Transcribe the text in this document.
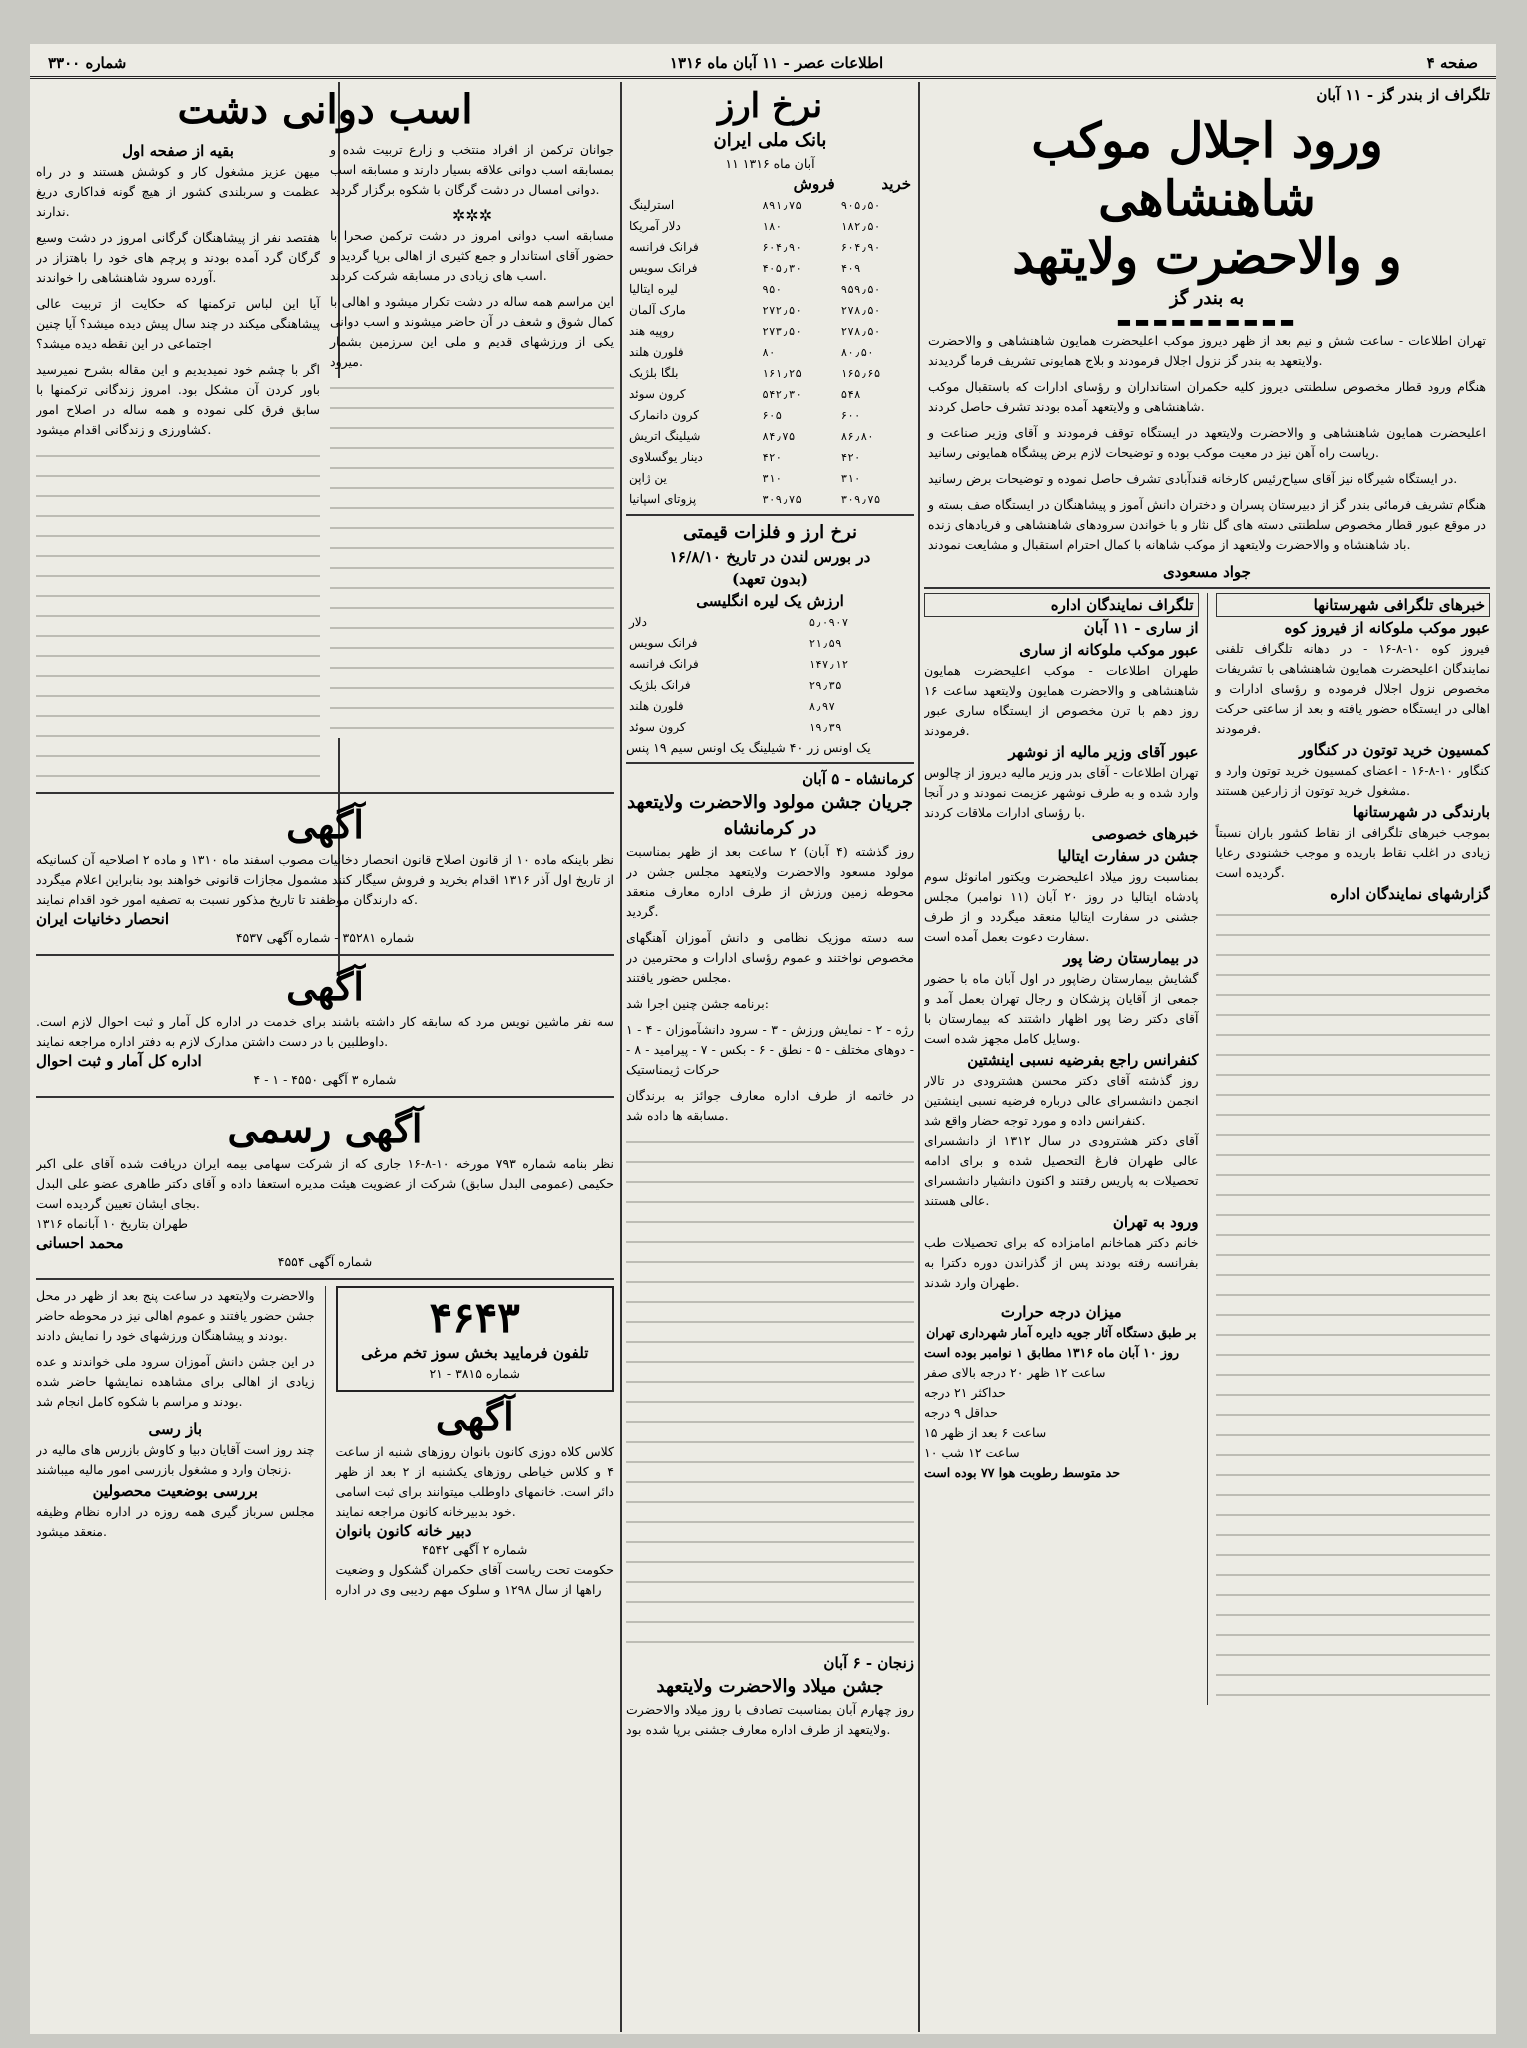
صفحه ۴
اطلاعات عصر - ۱۱ آبان ماه ۱۳۱۶
شماره ۳۳۰۰
تلگراف از بندر گز - ۱۱ آبان
ورود اجلال موکب شاهنشاهی
و والاحضرت ولایتهد
به بندر گز
▬▬▬▬▬▬▬▬▬▬

تهران اطلاعات - ساعت شش و نیم بعد از ظهر دیروز موکب اعلیحضرت همایون شاهنشاهی و والاحضرت ولایتعهد به بندر گز نزول اجلال فرمودند و بلاج همایونی تشریف فرما گردیدند.

هنگام ورود قطار مخصوص سلطنتی دیروز کلیه حکمران استانداران و رؤسای ادارات که باستقبال موکب شاهنشاهی و ولایتعهد آمده بودند تشرف حاصل کردند.

اعلیحضرت همایون شاهنشاهی و والاحضرت ولایتعهد در ایستگاه توقف فرمودند و آقای وزیر صناعت و ریاست راه آهن نیز در معیت موکب بوده و توضیحات لازم برض پیشگاه همایونی رسانید.

در ایستگاه شیرگاه نیز آقای سیاح‌رئیس کارخانه قندآبادی تشرف حاصل نموده و توضیحات برض رسانید.

هنگام تشریف فرمائی بندر گز از دبیرستان پسران و دختران دانش آموز و پیشاهنگان در ایستگاه صف بسته و در موقع عبور قطار مخصوص سلطنتی دسته های گل نثار و با خواندن سرودهای شاهنشاهی و فریادهای زنده باد شاهنشاه و والاحضرت ولایتعهد از موکب شاهانه با کمال احترام استقبال و مشایعت نمودند.

جواد مسعودی
تلگراف نمایندگان اداره
از ساری - ۱۱ آبان
عبور موکب ملوکانه از ساری
طهران اطلاعات - موکب اعلیحضرت همایون شاهنشاهی و والاحضرت همایون ولایتعهد ساعت ۱۶ روز دهم با ترن مخصوص از ایستگاه ساری عبور فرمودند.
عبور آقای وزیر مالیه از نوشهر
تهران اطلاعات - آقای بدر وزیر مالیه دیروز از چالوس وارد شده و به طرف نوشهر عزیمت نمودند و در آنجا با رؤسای ادارات ملاقات کردند.
خبرهای خصوصی
جشن در سفارت ایتالیا
بمناسبت روز میلاد اعلیحضرت ویکتور امانوئل سوم پادشاه ایتالیا در روز ۲۰ آبان (۱۱ نوامبر) مجلس جشنی در سفارت ایتالیا منعقد میگردد و از طرف سفارت دعوت بعمل آمده است.
در بیمارستان رضا پور
گشایش بیمارستان رضاپور در اول آبان ماه با حضور جمعی از آقایان پزشکان و رجال تهران بعمل آمد و آقای دکتر رضا پور اظهار داشتند که بیمارستان با وسایل کامل مجهز شده است.
کنفرانس راجع بفرضیه نسبی اینشتین
روز گذشته آقای دکتر محسن هشترودی در تالار انجمن دانشسرای عالی درباره فرضیه نسبی اینشتین کنفرانس داده و مورد توجه حضار واقع شد.
آقای دکتر هشترودی در سال ۱۳۱۲ از دانشسرای عالی طهران فارغ التحصیل شده و برای ادامه تحصیلات به پاریس رفتند و اکنون دانشیار دانشسرای عالی هستند.
ورود به تهران
خانم دکتر هماخانم امامزاده که برای تحصیلات طب بفرانسه رفته بودند پس از گذراندن دوره دکترا به طهران وارد شدند.
میزان درجه حرارت
بر طبق دستگاه آثار جویه دایره آمار شهرداری تهران
روز ۱۰ آبان ماه ۱۳۱۶ مطابق ۱ نوامبر بوده است
ساعت ۱۲ ظهر ۲۰ درجه بالای صفر
حداکثر ۲۱ درجه
حداقل ۹ درجه
ساعت ۶ بعد از ظهر ۱۵
ساعت ۱۲ شب ۱۰
حد متوسط رطوبت هوا ۷۷ بوده است
خبرهای تلگرافی شهرستانها
عبور موکب ملوکانه از فیروز کوه
فیروز کوه ۱۰-۸-۱۶ - در دهانه تلگراف تلفنی نمایندگان اعلیحضرت همایون شاهنشاهی با تشریفات مخصوص نزول اجلال فرموده و رؤسای ادارات و اهالی در ایستگاه حضور یافته و بعد از ساعتی حرکت فرمودند.
کمسیون خرید توتون در کنگاور
کنگاور ۱۰-۸-۱۶ - اعضای کمسیون خرید توتون وارد و مشغول خرید توتون از زارعین هستند.
بارندگی در شهرستانها
بموجب خبرهای تلگرافی از نقاط کشور باران نسبتاً زیادی در اغلب نقاط باریده و موجب خشنودی رعایا گردیده است.
گزارشهای نمایندگان اداره
نرخ ارز
بانک ملی ایران
۱۱ آبان ماه ۱۳۱۶
	فروش	خرید
استرلینگ	۸۹۱٫۷۵	۹۰۵٫۵۰
دلار آمریکا	۱۸۰	۱۸۲٫۵۰
فرانک فرانسه	۶۰۴٫۹۰	۶۰۴٫۹۰
فرانک سویس	۴۰۵٫۳۰	۴۰۹
لیره ایتالیا	۹۵۰	۹۵۹٫۵۰
مارک آلمان	۲۷۲٫۵۰	۲۷۸٫۵۰
روپیه هند	۲۷۳٫۵۰	۲۷۸٫۵۰
فلورن هلند	۸۰	۸۰٫۵۰
بلگا بلژیک	۱۶۱٫۲۵	۱۶۵٫۶۵
کرون سوئد	۵۴۲٫۳۰	۵۴۸
کرون دانمارک	۶۰۵	۶۰۰
شیلینگ اتریش	۸۴٫۷۵	۸۶٫۸۰
دینار یوگسلاوی	۴۲۰	۴۲۰
ین ژاپن	۳۱۰	۳۱۰
پزوتای اسپانیا	۳۰۹٫۷۵	۳۰۹٫۷۵
نرخ ارز و فلزات قیمتی
در بورس لندن در تاریخ ۱۶/۸/۱۰
(بدون تعهد)
ارزش یک لیره انگلیسی
دلار	۵٫۰۹۰۷
فرانک سویس	۲۱٫۵۹
فرانک فرانسه	۱۴۷٫۱۲
فرانک بلژیک	۲۹٫۳۵
فلورن هلند	۸٫۹۷
کرون سوئد	۱۹٫۳۹
یک اونس زر ۴۰ شیلینگ یک اونس سیم ۱۹ پنس
کرمانشاه - ۵ آبان
جریان جشن مولود والاحضرت ولایتعهد در کرمانشاه

روز گذشته (۴ آبان) ۲ ساعت بعد از ظهر بمناسبت مولود مسعود والاحضرت ولایتعهد مجلس جشن در محوطه زمین ورزش از طرف اداره معارف منعقد گردید.

سه دسته موزیک نظامی و دانش آموزان آهنگهای مخصوص نواختند و عموم رؤسای ادارات و محترمین در مجلس حضور یافتند.

برنامه جشن چنین اجرا شد:

۱ - رژه - ۲ - نمایش ورزش - ۳ - سرود دانشآموزان - ۴ - دوهای مختلف - ۵ - نطق - ۶ - بکس - ۷ - پیرامید - ۸ - حرکات ژیمناستیک

در خاتمه از طرف اداره معارف جوائز به برندگان مسابقه ها داده شد.

زنجان - ۶ آبان
جشن میلاد والاحضرت ولایتعهد
روز چهارم آبان بمناسبت تصادف با روز میلاد والاحضرت ولایتعهد از طرف اداره معارف جشنی برپا شده بود.
اسب دوانی دشت
بقیه از صفحه اول

میهن عزیز مشغول کار و کوشش هستند و در راه عظمت و سربلندی کشور از هیچ گونه فداکاری دریغ ندارند.

هفتصد نفر از پیشاهنگان گرگانی امروز در دشت وسیع گرگان گرد آمده بودند و پرچم های خود را باهتزاز در آورده سرود شاهنشاهی را خواندند.

آیا این لباس ترکمنها که حکایت از تربیت عالی پیشاهنگی میکند در چند سال پیش دیده میشد؟ آیا چنین اجتماعی در این نقطه دیده میشد؟

اگر با چشم خود نمیدیدیم و این مقاله بشرح نمیرسید باور کردن آن مشکل بود. امروز زندگانی ترکمنها با سابق فرق کلی نموده و همه ساله در اصلاح امور کشاورزی و زندگانی اقدام میشود.

جوانان ترکمن از افراد منتخب و زارع تربیت شده و بمسابقه اسب دوانی علاقه بسیار دارند و مسابقه اسب دوانی امسال در دشت گرگان با شکوه برگزار گردید.

✲✲✲

مسابقه اسب دوانی امروز در دشت ترکمن صحرا با حضور آقای استاندار و جمع کثیری از اهالی برپا گردید و اسب های زیادی در مسابقه شرکت کردند.

این مراسم همه ساله در دشت تکرار میشود و اهالی با کمال شوق و شعف در آن حاضر میشوند و اسب دوانی یکی از ورزشهای قدیم و ملی این سرزمین بشمار میرود.

آگهی
نظر باینکه ماده ۱۰ از قانون اصلاح قانون انحصار دخانیات مصوب اسفند ماه ۱۳۱۰ و ماده ۲ اصلاحیه آن کسانیکه از تاریخ اول آذر ۱۳۱۶ اقدام بخرید و فروش سیگار کنند مشمول مجازات قانونی خواهند بود بنابراین اعلام میگردد که دارندگان موظفند تا تاریخ مذکور نسبت به تصفیه امور خود اقدام نمایند.
انحصار دخانیات ایران
شماره ۳۵۲۸۱ - شماره آگهی ۴۵۳۷
آگهی
سه نفر ماشین نویس مرد که سابقه کار داشته باشند برای خدمت در اداره کل آمار و ثبت احوال لازم است. داوطلبین با در دست داشتن مدارک لازم به دفتر اداره مراجعه نمایند.
اداره کل آمار و ثبت احوال
شماره ۳ آگهی ۴۵۵۰ - ۱ - ۴
آگهی رسمی
نظر بنامه شماره ۷۹۳ مورخه ۱۰-۸-۱۶ جاری که از شرکت سهامی بیمه ایران دریافت شده آقای علی اکبر حکیمی (عمومی البدل سابق) شرکت از عضویت هیئت مدیره استعفا داده و آقای دکتر طاهری عضو علی البدل بجای ایشان تعیین گردیده است.
طهران بتاریخ ۱۰ آبانماه ۱۳۱۶
محمد احسانی
شماره آگهی ۴۵۵۴

والاحضرت ولایتعهد در ساعت پنج بعد از ظهر در محل جشن حضور یافتند و عموم اهالی نیز در محوطه حاضر بودند و پیشاهنگان ورزشهای خود را نمایش دادند.

در این جشن دانش آموزان سرود ملی خواندند و عده زیادی از اهالی برای مشاهده نمایشها حاضر شده بودند و مراسم با شکوه کامل انجام شد.

باز رسی
چند روز است آقایان دبیا و کاوش بازرس های مالیه در زنجان وارد و مشغول بازرسی امور مالیه میباشند.
بررسی بوضعیت محصولین
مجلس سرباز گیری همه روزه در اداره نظام وظیفه منعقد میشود.
۴۶۴۳
تلفون فرمایید بخش سوز تخم مرغی
شماره ۳۸۱۵ - ۲۱
آگهی
کلاس کلاه دوزی کانون بانوان روزهای شنبه از ساعت ۴ و کلاس خیاطی روزهای یکشنبه از ۲ بعد از ظهر دائر است. خانمهای داوطلب میتوانند برای ثبت اسامی خود بدبیرخانه کانون مراجعه نمایند.
دبیر خانه کانون بانوان
شماره ۲ آگهی ۴۵۴۲
حکومت تحت ریاست آقای حکمران گشکول و وضعیت راهها از سال ۱۲۹۸ و سلوک مهم ردیبی وی در اداره
